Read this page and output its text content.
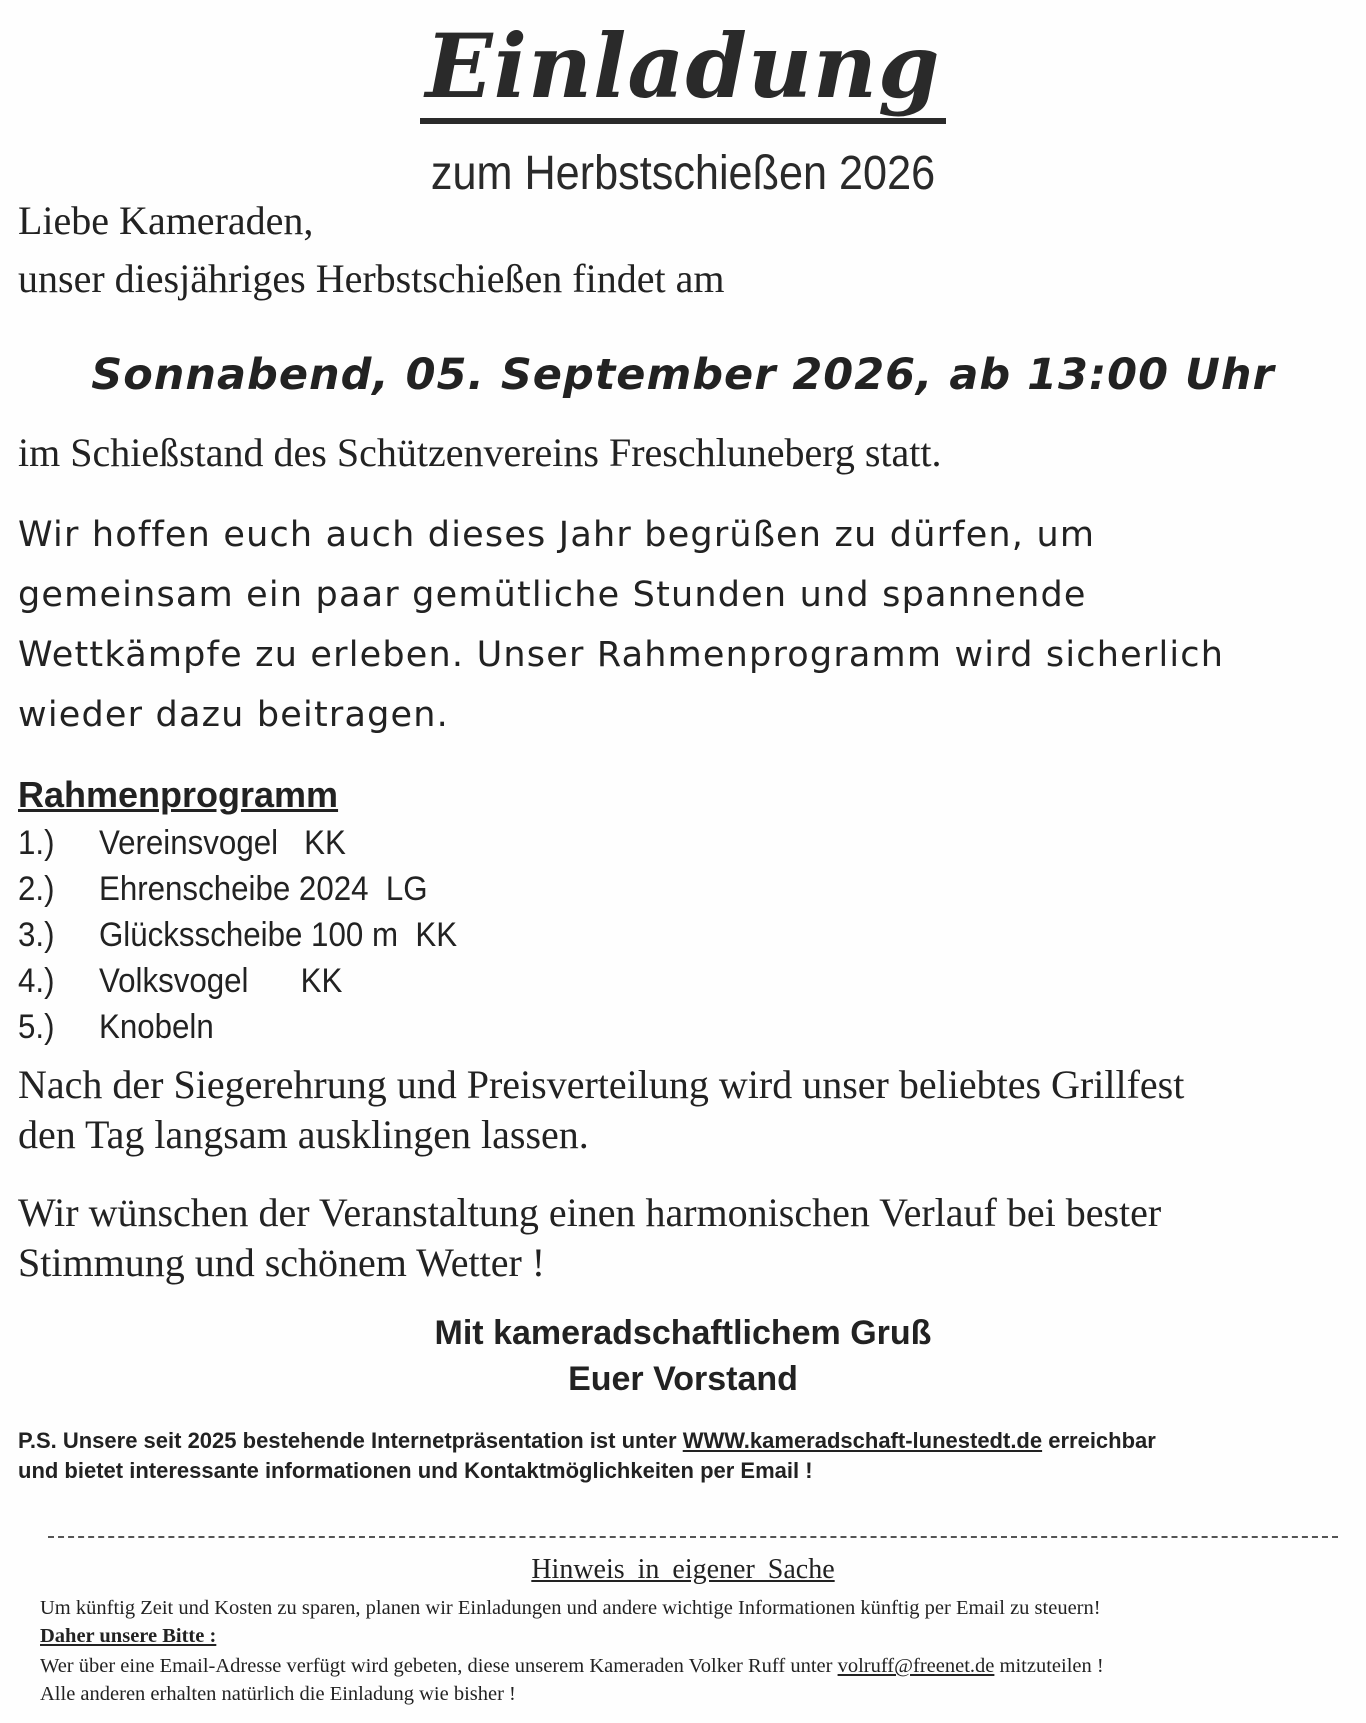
Einladung
zum Herbstschießen 2026
Liebe Kameraden,
unser diesjähriges Herbstschießen findet am
Sonnabend, 05. September 2026, ab 13:00 Uhr
im Schießstand des Schützenvereins Freschluneberg statt.
Wir hoffen euch auch dieses Jahr begrüßen zu dürfen, um
gemeinsam ein paar gemütliche Stunden und spannende
Wettkämpfe zu erleben. Unser Rahmenprogramm wird sicherlich
wieder dazu beitragen.
Rahmenprogramm
1.) Vereinsvogel   KK
2.) Ehrenscheibe 2024  LG
3.) Glücksscheibe 100 m  KK
4.) Volksvogel      KK
5.) Knobeln
Nach der Siegerehrung und Preisverteilung wird unser beliebtes Grillfest
den Tag langsam ausklingen lassen.
Wir wünschen der Veranstaltung einen harmonischen Verlauf bei bester
Stimmung und schönem Wetter !
Mit kameradschaftlichem Gruß
Euer Vorstand
P.S. Unsere seit 2025 bestehende Internetpräsentation ist unter WWW.kameradschaft-lunestedt.de erreichbar
und bietet interessante informationen und Kontaktmöglichkeiten per Email !
Hinweis in eigener Sache
Um künftig Zeit und Kosten zu sparen, planen wir Einladungen und andere wichtige Informationen künftig per Email zu steuern!
Daher unsere Bitte :
Wer über eine Email-Adresse verfügt wird gebeten, diese unserem Kameraden Volker Ruff unter volruff@freenet.de mitzuteilen !
Alle anderen erhalten natürlich die Einladung wie bisher !
